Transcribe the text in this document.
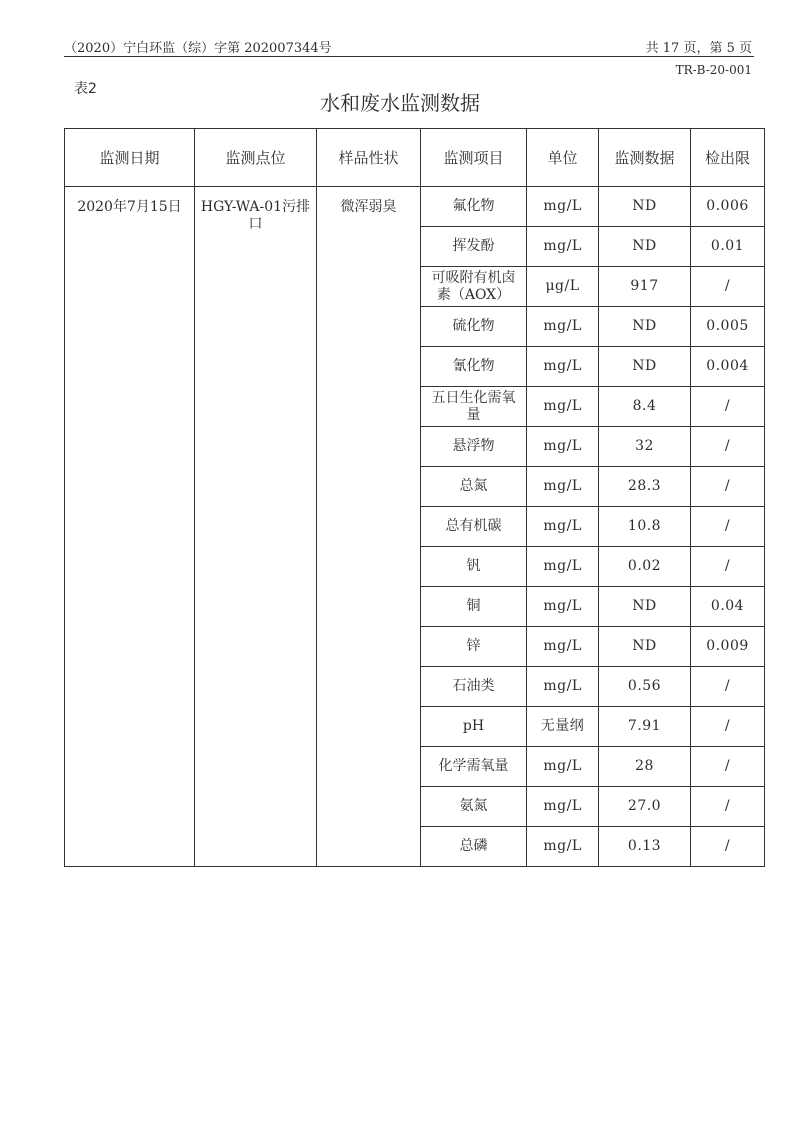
（2020）宁白环监（综）字第 202007344号	共 17 页，第 5 页
TR-B-20-001
表2
水和废水监测数据
监测日期	监测点位	样品性状	监测项目	单位	监测数据	检出限
2020年7月15日	HGY-WA-01污排口	微浑弱臭	氟化物	mg/L	ND	0.006
			挥发酚	mg/L	ND	0.01
			可吸附有机卤素（AOX）	μg/L	917	/
			硫化物	mg/L	ND	0.005
			氰化物	mg/L	ND	0.004
			五日生化需氧量	mg/L	8.4	/
			悬浮物	mg/L	32	/
			总氮	mg/L	28.3	/
			总有机碳	mg/L	10.8	/
			钒	mg/L	0.02	/
			铜	mg/L	ND	0.04
			锌	mg/L	ND	0.009
			石油类	mg/L	0.56	/
			pH	无量纲	7.91	/
			化学需氧量	mg/L	28	/
			氨氮	mg/L	27.0	/
			总磷	mg/L	0.13	/
